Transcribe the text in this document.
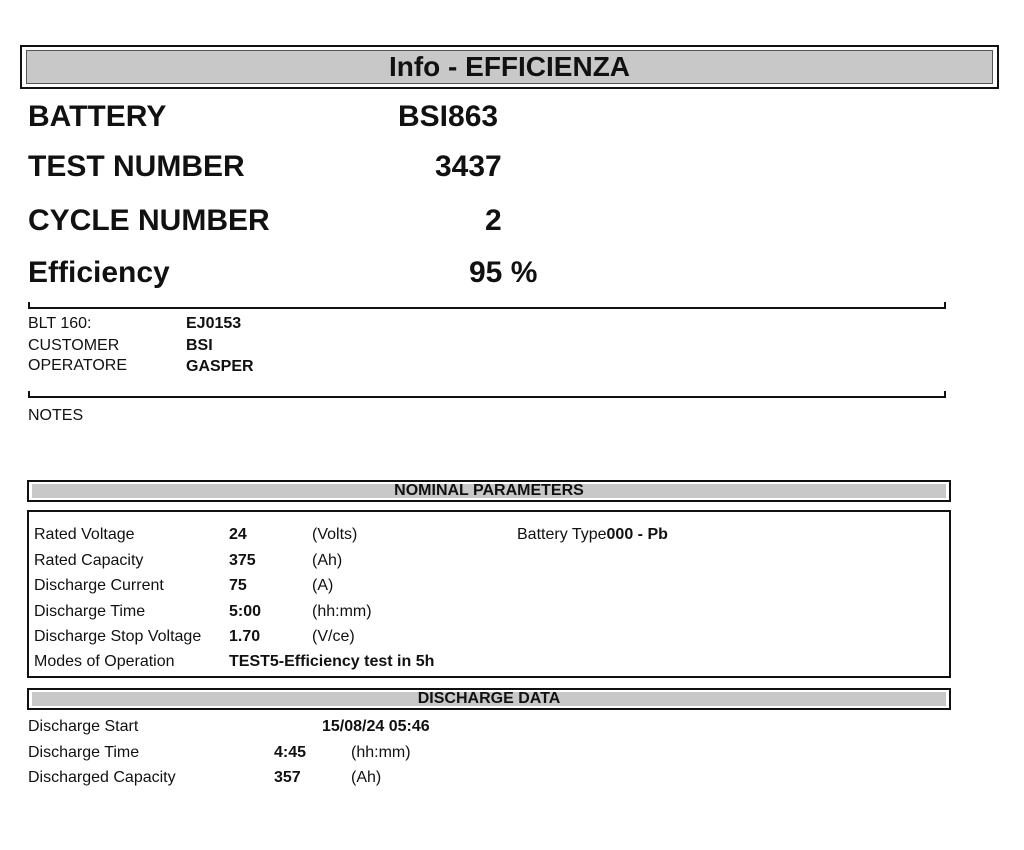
Info - EFFICIENZA
BATTERY	BSI863
TEST NUMBER	3437
CYCLE NUMBER	2
Efficiency	95 %
BLT 160:	EJ0153
CUSTOMER	BSI
OPERATORE	GASPER
NOTES
NOMINAL PARAMETERS
Rated Voltage	24	(Volts)	Battery Type000 - Pb
Rated Capacity	375	(Ah)
Discharge Current	75	(A)
Discharge Time	5:00	(hh:mm)
Discharge Stop Voltage 1.70	(V/ce)
Modes of Operation	TEST5-Efficiency test in 5h
DISCHARGE DATA
Discharge Start	15/08/24 05:46
Discharge Time	4:45	(hh:mm)
Discharged Capacity	357	(Ah)
